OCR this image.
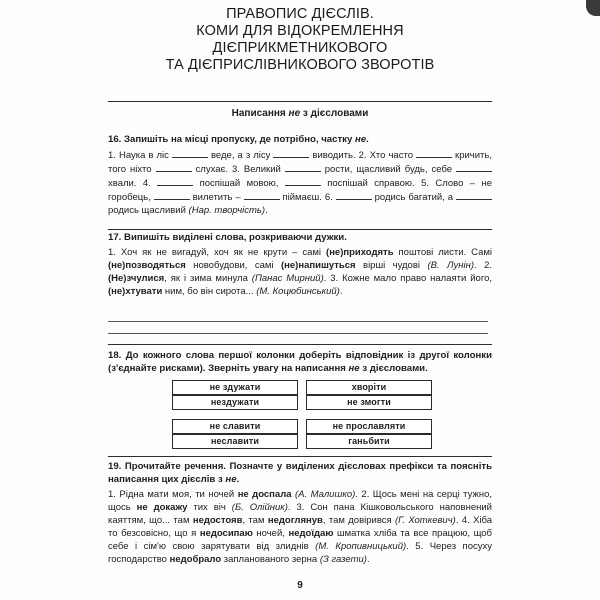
ПРАВОПИС ДІЄСЛІВ.
КОМИ ДЛЯ ВІДОКРЕМЛЕННЯ
ДІЄПРИКМЕТНИКОВОГО
ТА ДІЄПРИСЛІВНИКОВОГО ЗВОРОТІВ
Написання не з дієсловами
16. Запишіть на місці пропуску, де потрібно, частку не.
1. Наука в ліс	веде, а з лісу	виводить. 2. Хто часто	кричить, того ніхто	слухає. 3. Великий	рости, щасливий будь, себе  хвали. 4.	поспішай мовою,	поспішай справою. 5. Слово – не горобець,	вилетить –	піймаєш. 6.	родись багатий, а  родись щасливий (Нар. творчість).
17. Випишіть виділені слова, розкриваючи дужки.
1. Хоч як не вигадуй, хоч як не крути – самі (не)приходять поштові листи. Самі (не)позводяться новобудови, самі (не)напишуться вірші чудові (В. Лунін). 2. (Не)зчулися, як і зима минула (Панас Мирний). 3. Кожне мало право налаяти його, (не)хтувати ним, бо він сирота... (М. Коцюбинський).
18. До кожного слова першої колонки доберіть відповідник із другої колонки (з'єднайте рисками). Зверніть увагу на написання не з дієсловами.
не здужати
нездужати
не славити
неславити
хворіти
не змогти
не прославляти
ганьбити
19. Прочитайте речення. Позначте у виділених дієсловах префікси та поясніть написання цих дієслів з не.
1. Рідна мати моя, ти ночей не доспала (А. Малишко). 2. Щось мені на серці тужно, щось не докажу тих віч (Б. Олійник). 3. Сон пана Кішковольського наповнений каяттям, що... там недостояв, там недоглянув, там довірився (Г. Хоткевич). 4. Хіба то безсовісно, що я недосипаю ночей, недоїдаю шматка хліба та все працюю, щоб себе і сім'ю свою зарятувати від злиднів (М. Кропивницький). 5. Через посуху господарство недобрало запланованого зерна (З газети).
9
